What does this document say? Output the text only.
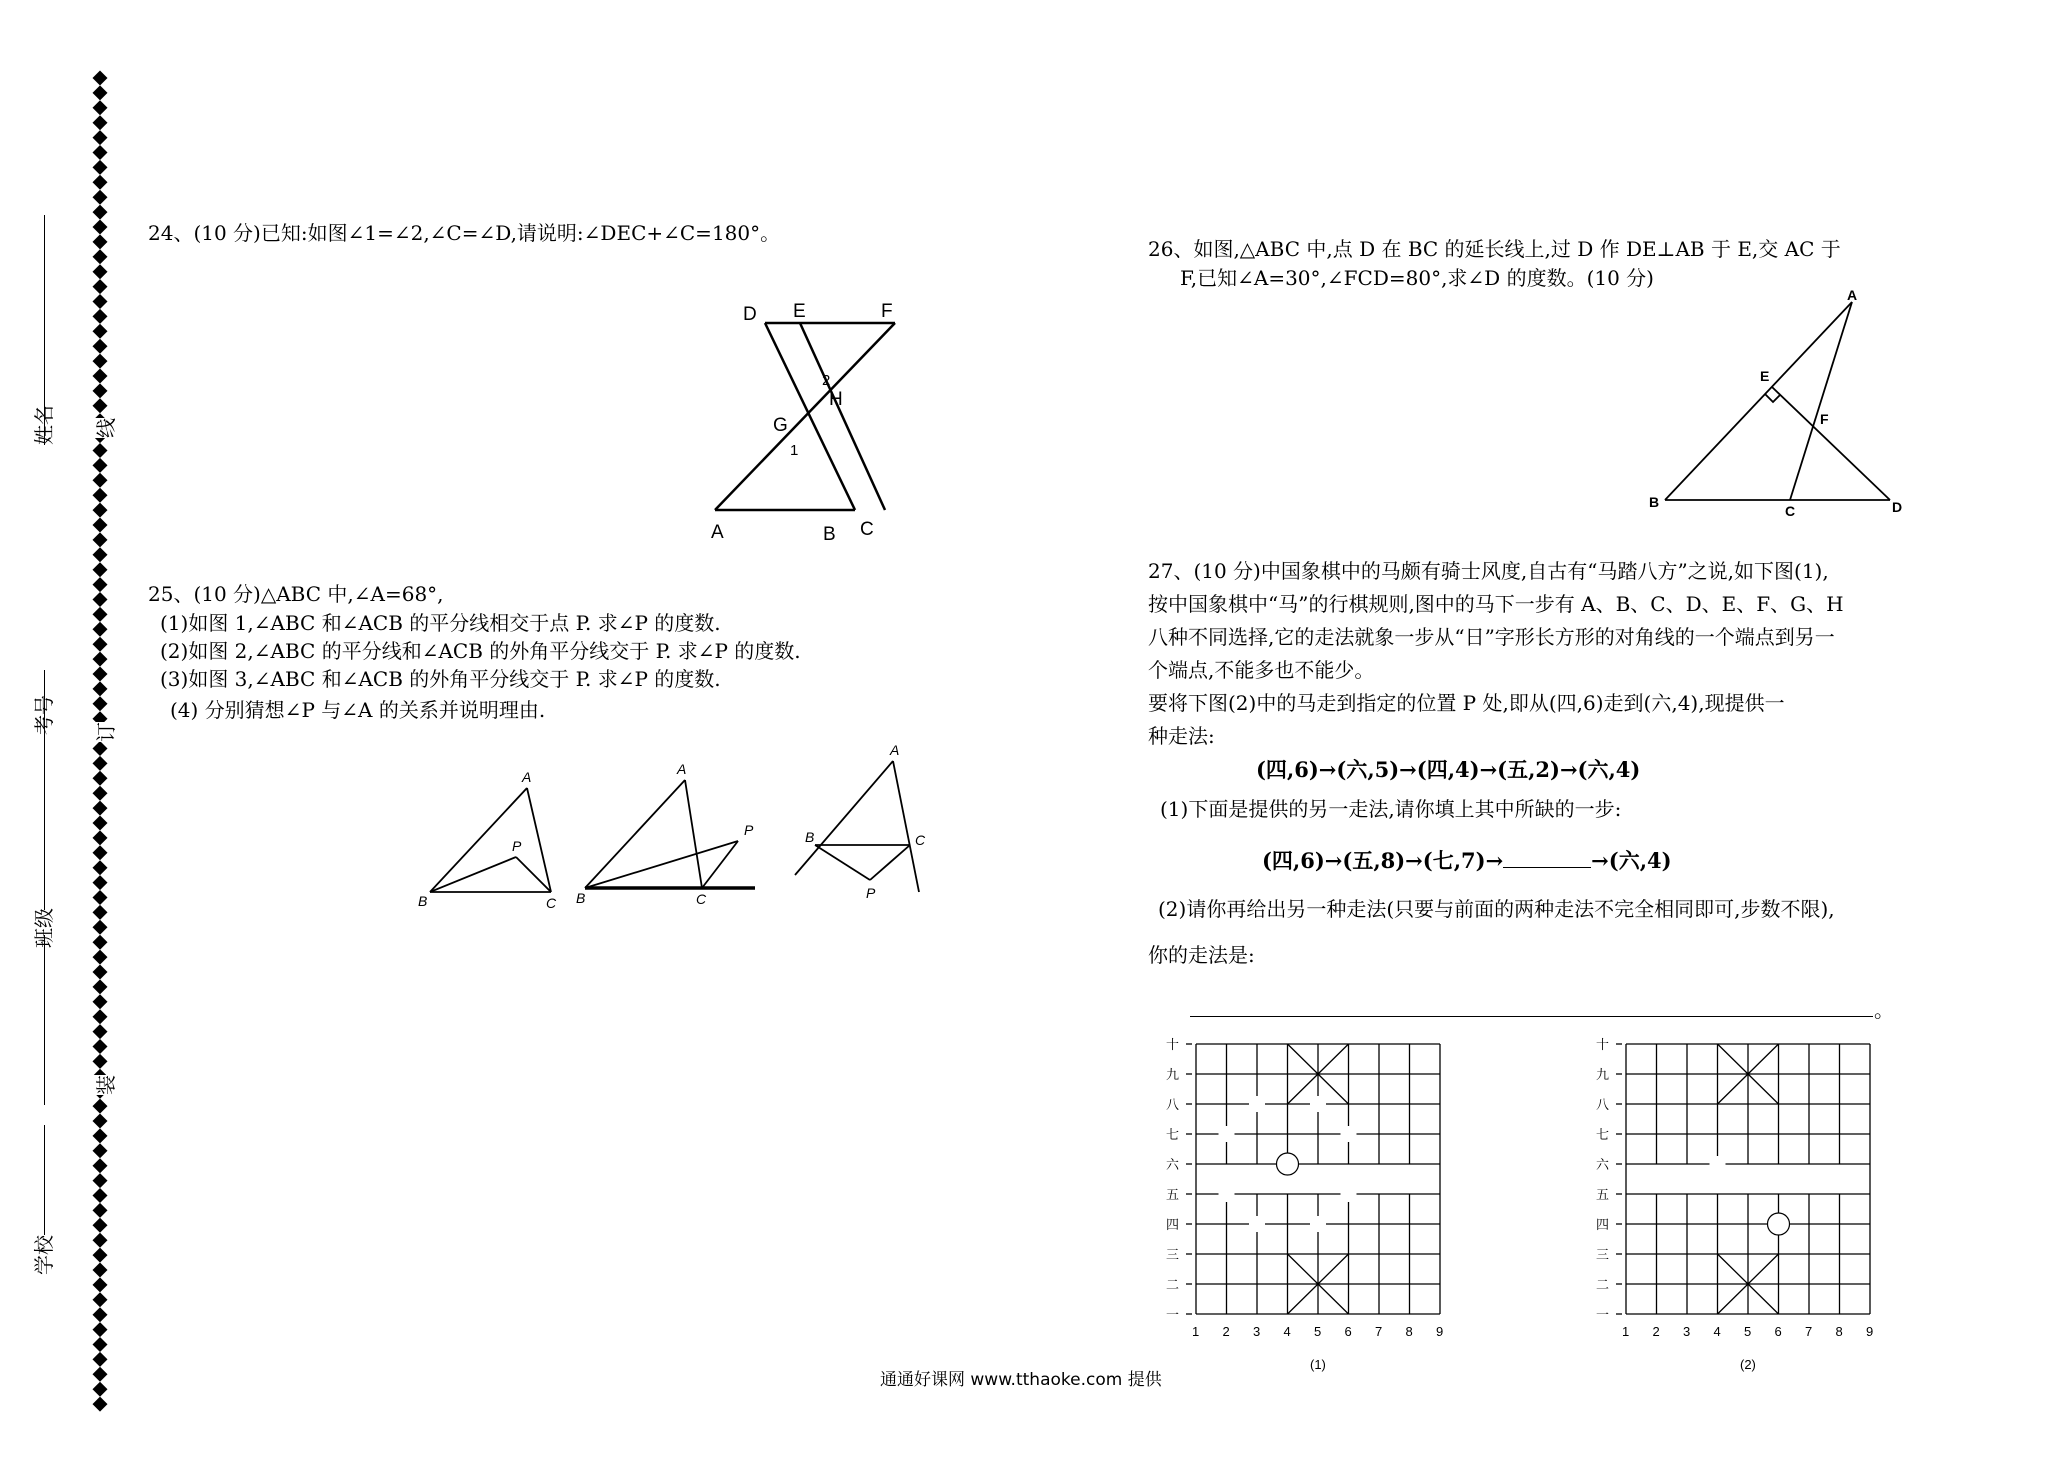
姓名
考号
班级
学校
线
订
装
24、(10 分)已知:如图∠1=∠2,∠C=∠D,请说明:∠DEC+∠C=180°。
D E	F
G
H
A	B C
1
2
25、(10 分)△ABC 中,∠A=68°,
(1)如图 1,∠ABC 和∠ACB 的平分线相交于点 P. 求∠P 的度数.
(2)如图 2,∠ABC 的平分线和∠ACB 的外角平分线交于 P. 求∠P 的度数.
(3)如图 3,∠ABC 和∠ACB 的外角平分线交于 P. 求∠P 的度数.
(4) 分别猜想∠P 与∠A 的关系并说明理由.
A
B	C
P
A
B	C
P
A
B	C
P
26、如图,△ABC 中,点 D 在 BC 的延长线上,过 D 作 DE⊥AB 于 E,交 AC 于
F,已知∠A=30°,∠FCD=80°,求∠D 的度数。(10 分)
A
E
F
B
C	D
27、(10 分)中国象棋中的马颇有骑士风度,自古有“马踏八方”之说,如下图(1),
按中国象棋中“马”的行棋规则,图中的马下一步有 A、B、C、D、E、F、G、H
八种不同选择,它的走法就象一步从“日”字形长方形的对角线的一个端点到另一
个端点,不能多也不能少。
要将下图(2)中的马走到指定的位置 P 处,即从(四,6)走到(六,4),现提供一
种走法:
(四,6)→(六,5)→(四,4)→(五,2)→(六,4)
(1)下面是提供的另一走法,请你填上其中所缺的一步:
(四,6)→(五,8)→(七,7)→	→(六,4)
(2)请你再给出另一种走法(只要与前面的两种走法不完全相同即可,步数不限),
你的走法是:
。
十
九
八
七
六
五
四
三
二
一
1 2 3 4 5 6 7 8 9
(1)
十
九
八
七
六
五
四
三
二
一
1 2 3 4 5 6 7 8 9
(2)
通通好课网 www.tthaoke.com 提供
